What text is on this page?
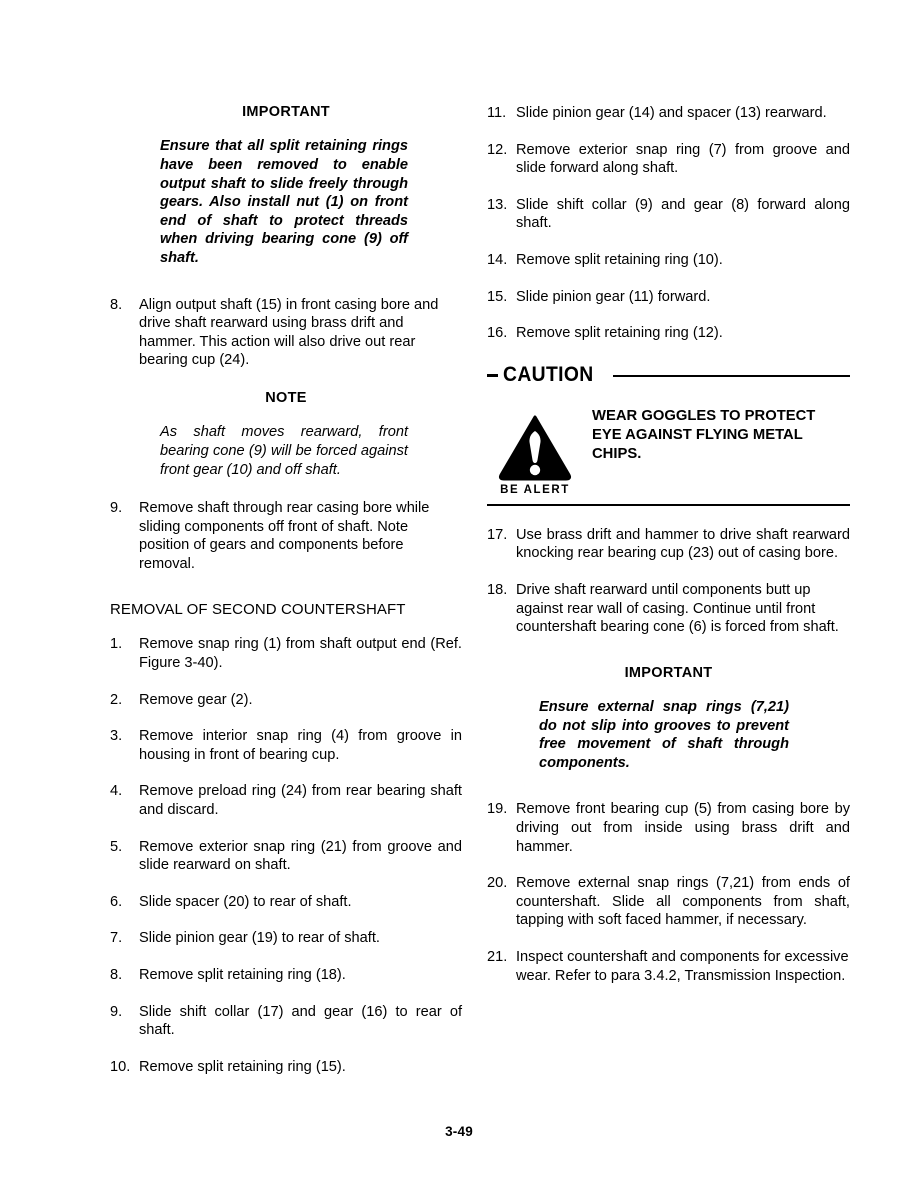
IMPORTANT
Ensure that all split retaining rings have been removed to enable output shaft to slide freely through gears. Also install nut (1) on front end of shaft to protect threads when driving bearing cone (9) off shaft.
8.	Align output shaft (15) in front casing bore and drive shaft rearward using brass drift and hammer. This action will also drive out rear bearing cup (24).
NOTE
As shaft moves rearward, front bearing cone (9) will be forced against front gear (10) and off shaft.
9.	Remove shaft through rear casing bore while sliding components off front of shaft. Note position of gears and components before removal.
REMOVAL OF SECOND COUNTERSHAFT
1.	Remove snap ring (1) from shaft output end (Ref. Figure 3-40).
2.	Remove gear (2).
3.	Remove interior snap ring (4) from groove in housing in front of bearing cup.
4.	Remove preload ring (24) from rear bearing shaft and discard.
5.	Remove exterior snap ring (21) from groove and slide rearward on shaft.
6.	Slide spacer (20) to rear of shaft.
7.	Slide pinion gear (19) to rear of shaft.
8.	Remove split retaining ring (18).
9.	Slide shift collar (17) and gear (16) to rear of shaft.
10. Remove split retaining ring (15).
11. Slide pinion gear (14) and spacer (13) rearward.
12. Remove exterior snap ring (7) from groove and slide forward along shaft.
13. Slide shift collar (9) and gear (8) forward along shaft.
14. Remove split retaining ring (10).
15. Slide pinion gear (11) forward.
16. Remove split retaining ring (12).
CAUTION
BE ALERT
WEAR GOGGLES TO PROTECT
EYE AGAINST FLYING METAL
CHIPS.
17. Use brass drift and hammer to drive shaft rearward knocking rear bearing cup (23) out of casing bore.
18. Drive shaft rearward until components butt up against rear wall of casing. Continue until front countershaft bearing cone (6) is forced from shaft.
IMPORTANT
Ensure external snap rings (7,21) do not slip into grooves to prevent free movement of shaft through components.
19. Remove front bearing cup (5) from casing bore by driving out from inside using brass drift and hammer.
20. Remove external snap rings (7,21) from ends of countershaft. Slide all components from shaft, tapping with soft faced hammer, if necessary.
21. Inspect countershaft and components for excessive wear. Refer to para 3.4.2, Transmission Inspection.
3-49
